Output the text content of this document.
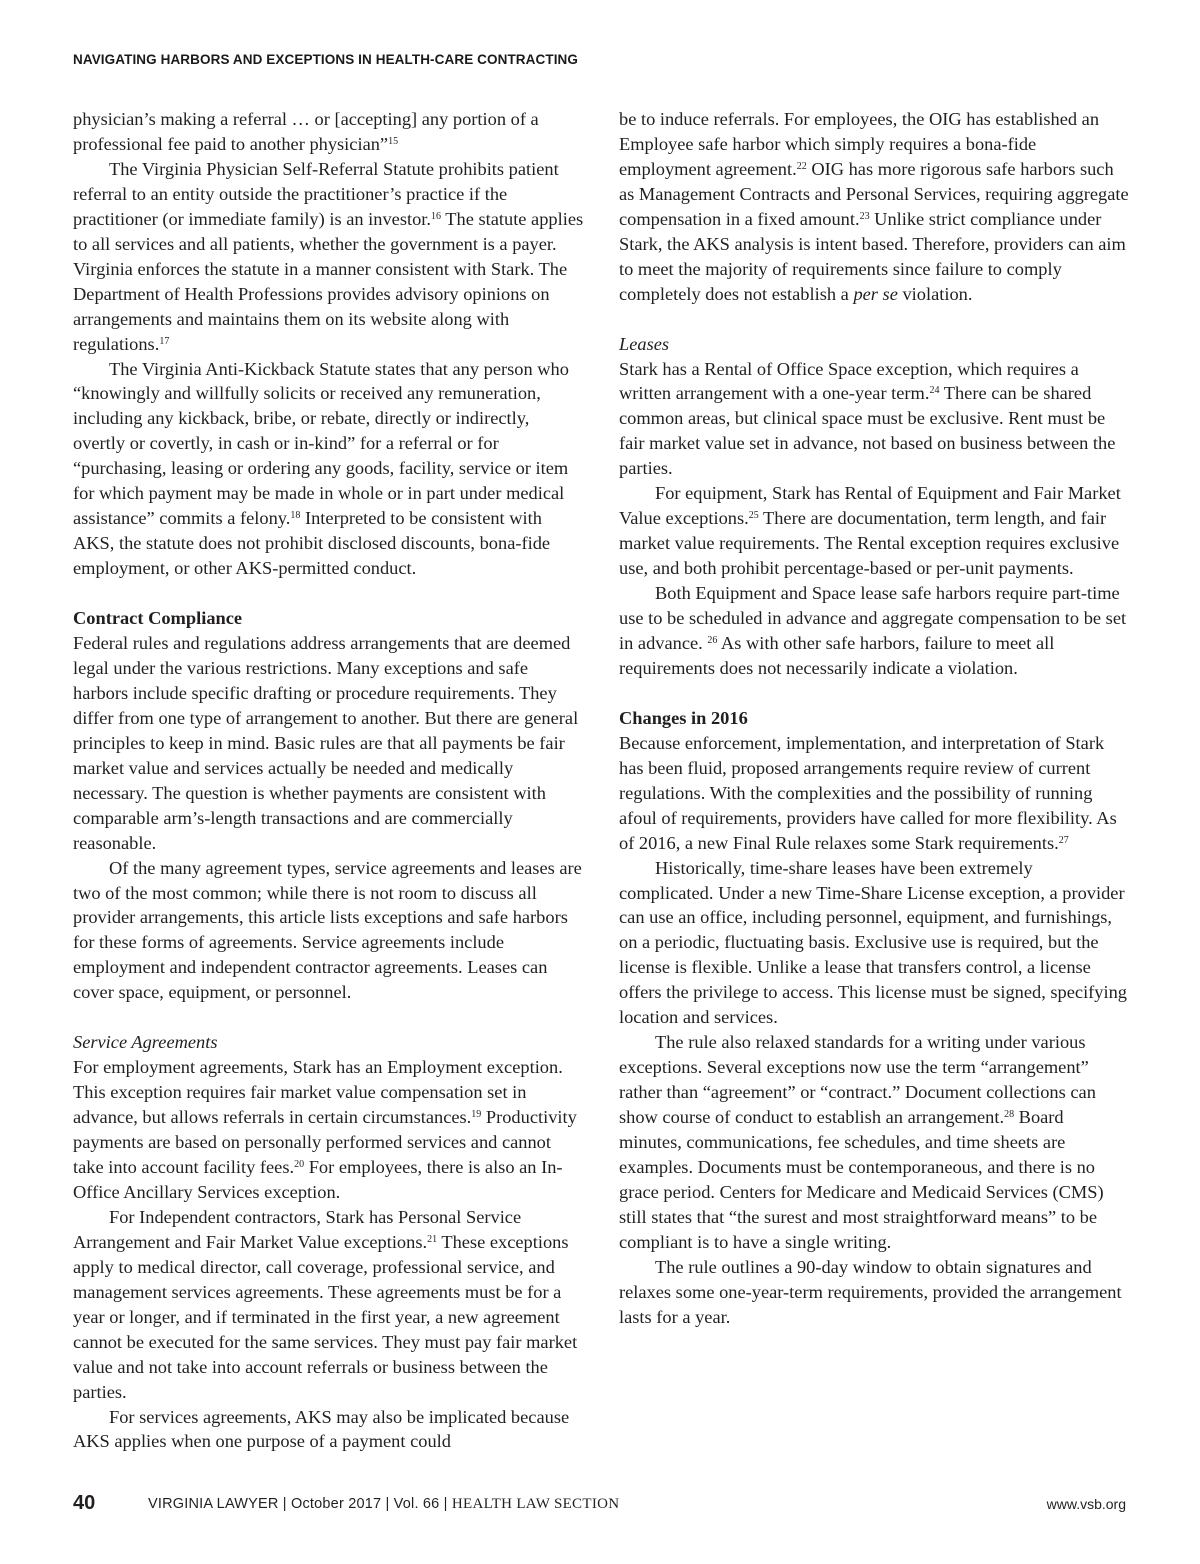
NAVIGATING HARBORS AND EXCEPTIONS IN HEALTH-CARE CONTRACTING

physician’s making a referral … or [accepting] any portion of a professional fee paid to another physician”$^{15}$

The Virginia Physician Self-Referral Statute prohibits patient referral to an entity outside the practitioner’s practice if the practitioner (or immediate family) is an investor.$^{16}$ The statute applies to all services and all patients, whether the government is a payer. Virginia enforces the statute in a manner consistent with Stark. The Department of Health Professions provides advisory opinions on arrangements and maintains them on its website along with regulations.$^{17}$

The Virginia Anti-Kickback Statute states that any person who “knowingly and willfully solicits or received any remuneration, including any kickback, bribe, or rebate, directly or indirectly, overtly or covertly, in cash or in-kind” for a referral or for “purchasing, leasing or ordering any goods, facility, service or item for which payment may be made in whole or in part under medical assistance” commits a felony.$^{18}$ Interpreted to be consistent with AKS, the statute does not prohibit disclosed discounts, bona-fide employment, or other AKS-permitted conduct.

Contract Compliance

Federal rules and regulations address arrangements that are deemed legal under the various restrictions. Many exceptions and safe harbors include specific drafting or procedure requirements. They differ from one type of arrangement to another. But there are general principles to keep in mind. Basic rules are that all payments be fair market value and services actually be needed and medically necessary. The question is whether payments are consistent with comparable arm’s-length transactions and are commercially reasonable.

Of the many agreement types, service agreements and leases are two of the most common; while there is not room to discuss all provider arrangements, this article lists exceptions and safe harbors for these forms of agreements. Service agreements include employment and independent contractor agreements. Leases can cover space, equipment, or personnel.

Service Agreements

For employment agreements, Stark has an Employment exception. This exception requires fair market value compensation set in advance, but allows referrals in certain circumstances.$^{19}$ Productivity payments are based on personally performed services and cannot take into account facility fees.$^{20}$ For employees, there is also an In-Office Ancillary Services exception.

For Independent contractors, Stark has Personal Service Arrangement and Fair Market Value exceptions.$^{21}$ These exceptions apply to medical director, call coverage, professional service, and management services agreements. These agreements must be for a year or longer, and if terminated in the first year, a new agreement cannot be executed for the same services. They must pay fair market value and not take into account referrals or business between the parties.

For services agreements, AKS may also be implicated because AKS applies when one purpose of a payment could

be to induce referrals. For employees, the OIG has established an Employee safe harbor which simply requires a bona-fide employment agreement.$^{22}$ OIG has more rigorous safe harbors such as Management Contracts and Personal Services, requiring aggregate compensation in a fixed amount.$^{23}$ Unlike strict compliance under Stark, the AKS analysis is intent based. Therefore, providers can aim to meet the majority of requirements since failure to comply completely does not establish a per se violation.

Leases

Stark has a Rental of Office Space exception, which requires a written arrangement with a one-year term.$^{24}$ There can be shared common areas, but clinical space must be exclusive. Rent must be fair market value set in advance, not based on business between the parties.

For equipment, Stark has Rental of Equipment and Fair Market Value exceptions.$^{25}$ There are documentation, term length, and fair market value requirements. The Rental exception requires exclusive use, and both prohibit percentage-based or per-unit payments.

Both Equipment and Space lease safe harbors require part-time use to be scheduled in advance and aggregate compensation to be set in advance. $^{26}$ As with other safe harbors, failure to meet all requirements does not necessarily indicate a violation.

Changes in 2016

Because enforcement, implementation, and interpretation of Stark has been fluid, proposed arrangements require review of current regulations. With the complexities and the possibility of running afoul of requirements, providers have called for more flexibility. As of 2016, a new Final Rule relaxes some Stark requirements.$^{27}$

Historically, time-share leases have been extremely complicated. Under a new Time-Share License exception, a provider can use an office, including personnel, equipment, and furnishings, on a periodic, fluctuating basis. Exclusive use is required, but the license is flexible. Unlike a lease that transfers control, a license offers the privilege to access. This license must be signed, specifying location and services.

The rule also relaxed standards for a writing under various exceptions. Several exceptions now use the term “arrangement” rather than “agreement” or “contract.” Document collections can show course of conduct to establish an arrangement.$^{28}$ Board minutes, communications, fee schedules, and time sheets are examples. Documents must be contemporaneous, and there is no grace period. Centers for Medicare and Medicaid Services (CMS) still states that “the surest and most straightforward means” to be compliant is to have a single writing.

The rule outlines a 90-day window to obtain signatures and relaxes some one-year-term requirements, provided the arrangement lasts for a year.

40	VIRGINIA LAWYER | October 2017 | Vol. 66 | HEALTH LAW SECTION	www.vsb.org
